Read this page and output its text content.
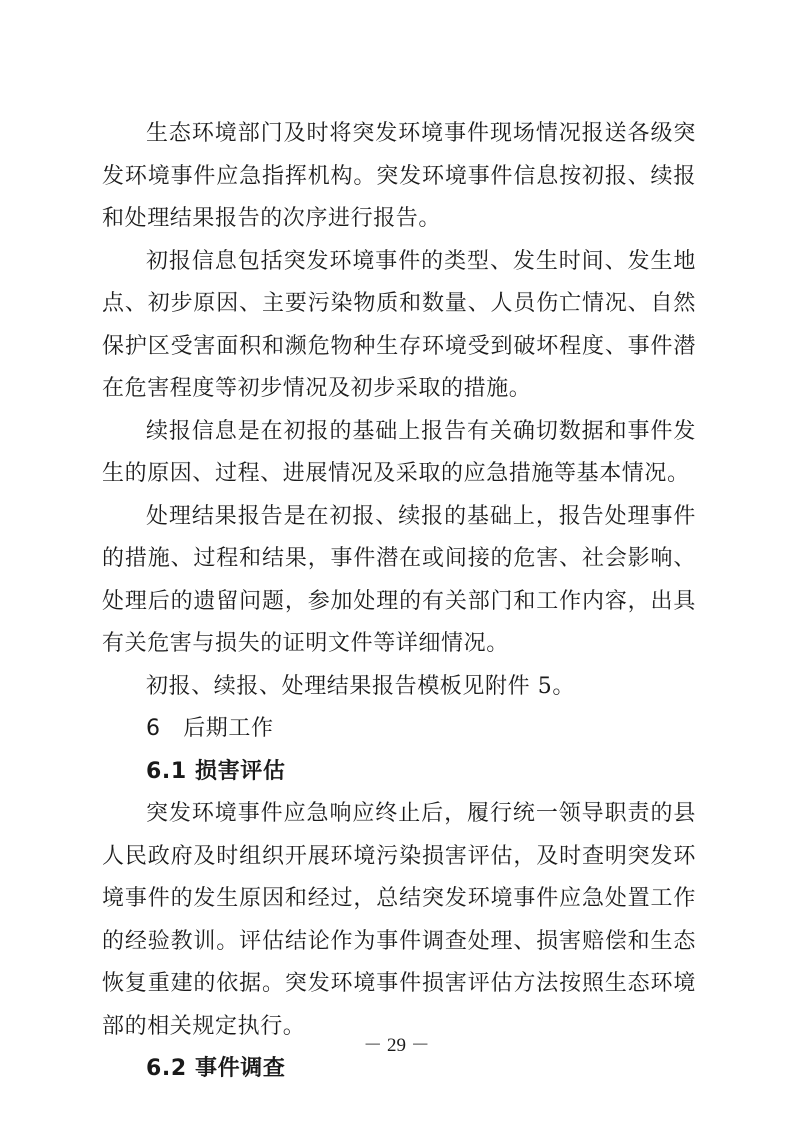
生态环境部门及时将突发环境事件现场情况报送各级突发环境事件应急指挥机构。突发环境事件信息按初报、续报和处理结果报告的次序进行报告。

初报信息包括突发环境事件的类型、发生时间、发生地点、初步原因、主要污染物质和数量、人员伤亡情况、自然保护区受害面积和濒危物种生存环境受到破坏程度、事件潜在危害程度等初步情况及初步采取的措施。

续报信息是在初报的基础上报告有关确切数据和事件发生的原因、过程、进展情况及采取的应急措施等基本情况。

处理结果报告是在初报、续报的基础上，报告处理事件的措施、过程和结果，事件潜在或间接的危害、社会影响、处理后的遗留问题，参加处理的有关部门和工作内容，出具有关危害与损失的证明文件等详细情况。

初报、续报、处理结果报告模板见附件 5。

6　后期工作

6.1 损害评估

突发环境事件应急响应终止后，履行统一领导职责的县人民政府及时组织开展环境污染损害评估，及时查明突发环境事件的发生原因和经过，总结突发环境事件应急处置工作的经验教训。评估结论作为事件调查处理、损害赔偿和生态恢复重建的依据。突发环境事件损害评估方法按照生态环境部的相关规定执行。

6.2 事件调查

－ 29 －
